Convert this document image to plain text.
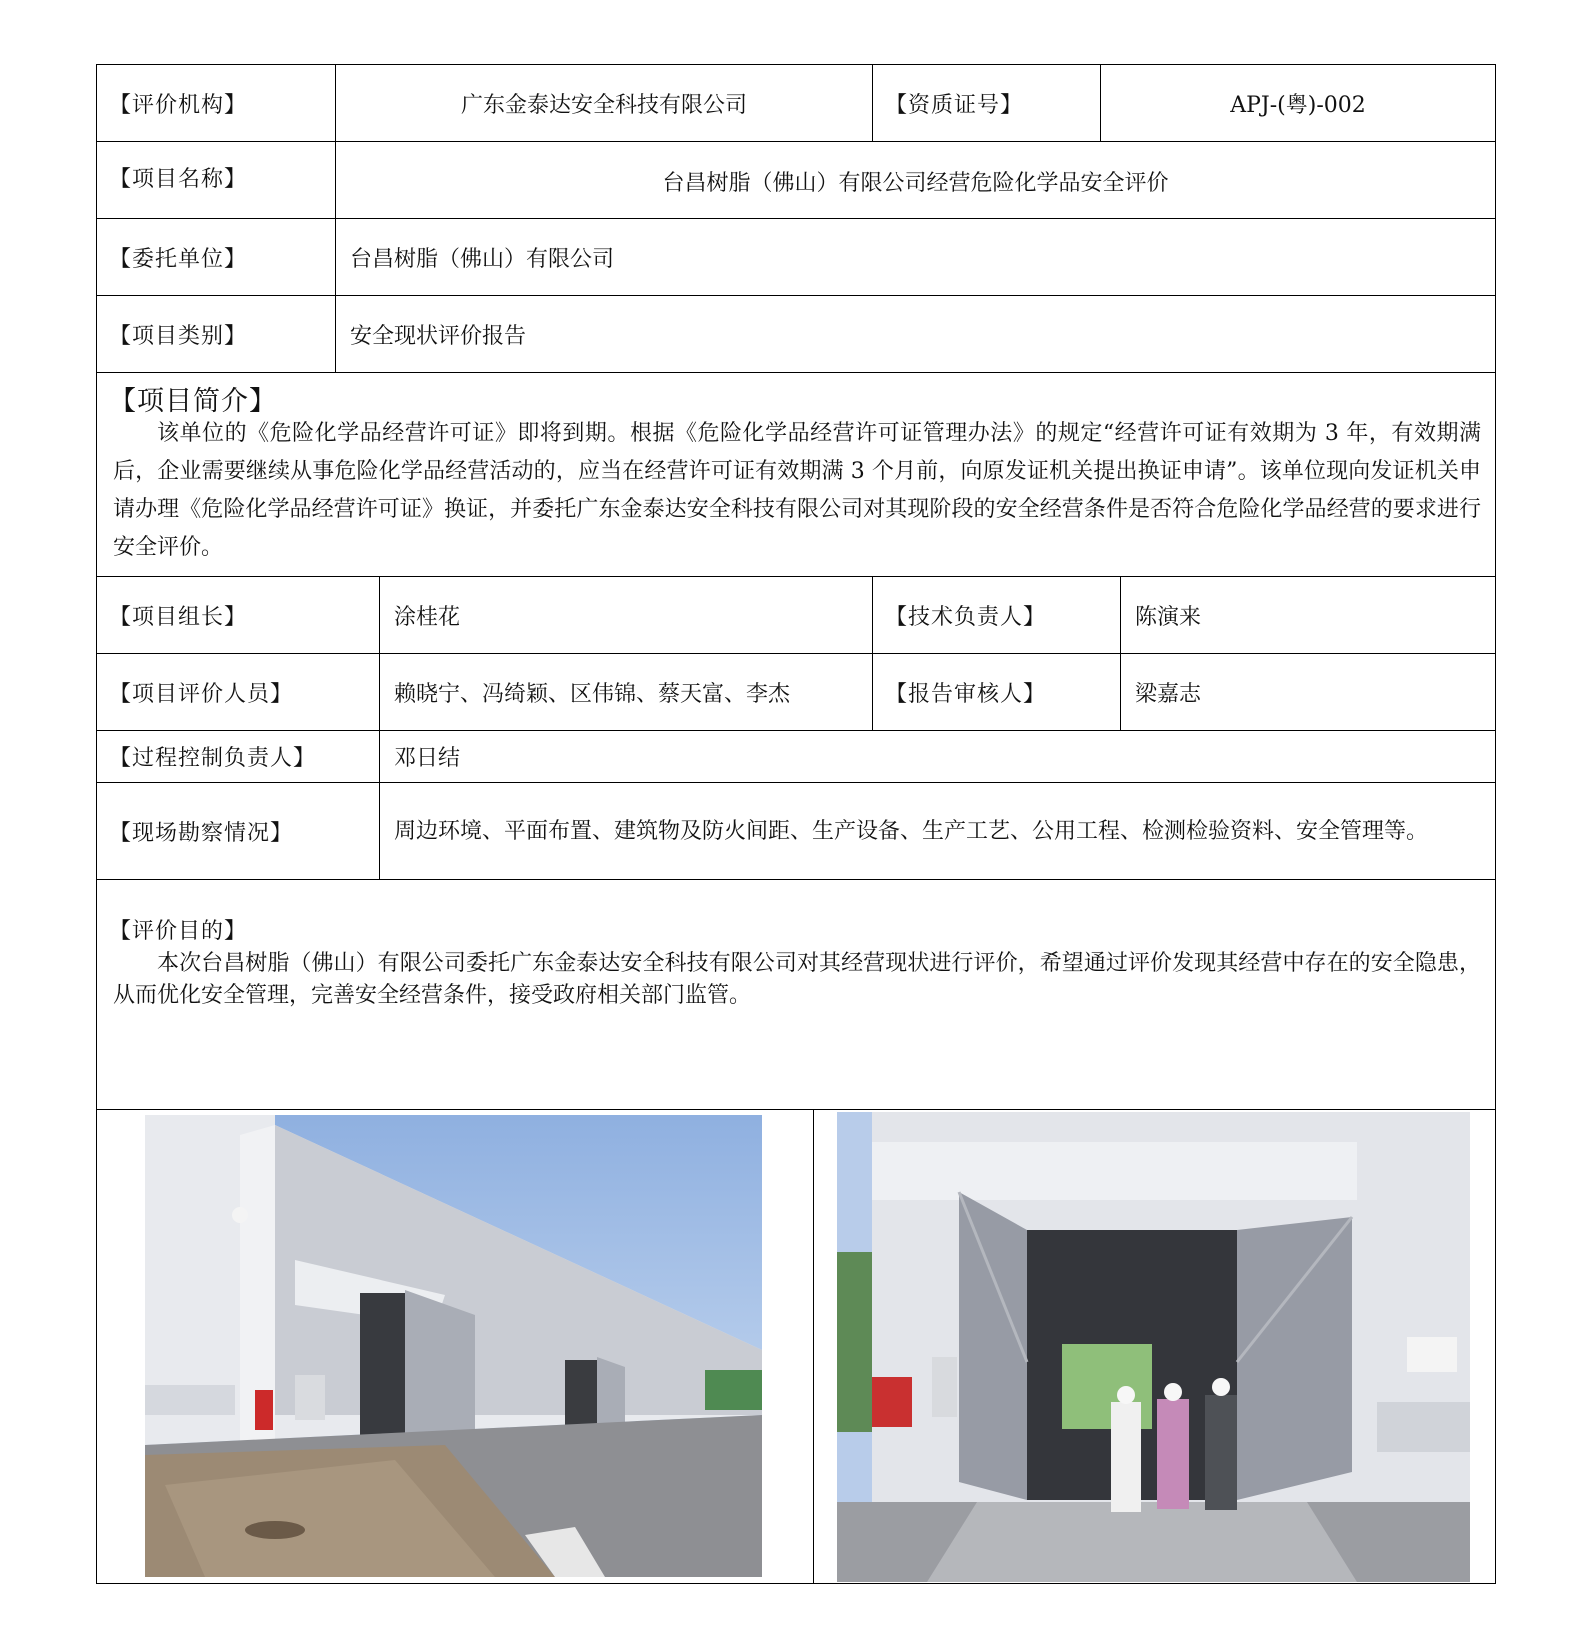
【评价机构】	广东金泰达安全科技有限公司	【资质证号】	APJ-(粤)-002
【项目名称】	台昌树脂（佛山）有限公司经营危险化学品安全评价
【委托单位】	台昌树脂（佛山）有限公司
【项目类别】	安全现状评价报告
【项目简介】
该单位的《危险化学品经营许可证》即将到期。根据《危险化学品经营许可证管理办法》的规定“经营许可证有效期为 3 年，有效期满后，企业需要继续从事危险化学品经营活动的，应当在经营许可证有效期满 3 个月前，向原发证机关提出换证申请”。该单位现向发证机关申请办理《危险化学品经营许可证》换证，并委托广东金泰达安全科技有限公司对其现阶段的安全经营条件是否符合危险化学品经营的要求进行安全评价。
【项目组长】	涂桂花	【技术负责人】	陈演来
【项目评价人员】	赖晓宁、冯绮颖、区伟锦、蔡天富、李杰	【报告审核人】	梁嘉志
【过程控制负责人】	邓日结
【现场勘察情况】	周边环境、平面布置、建筑物及防火间距、生产设备、生产工艺、公用工程、检测检验资料、安全管理等。
【评价目的】
本次台昌树脂（佛山）有限公司委托广东金泰达安全科技有限公司对其经营现状进行评价，希望通过评价发现其经营中存在的安全隐患，从而优化安全管理，完善安全经营条件，接受政府相关部门监管。
